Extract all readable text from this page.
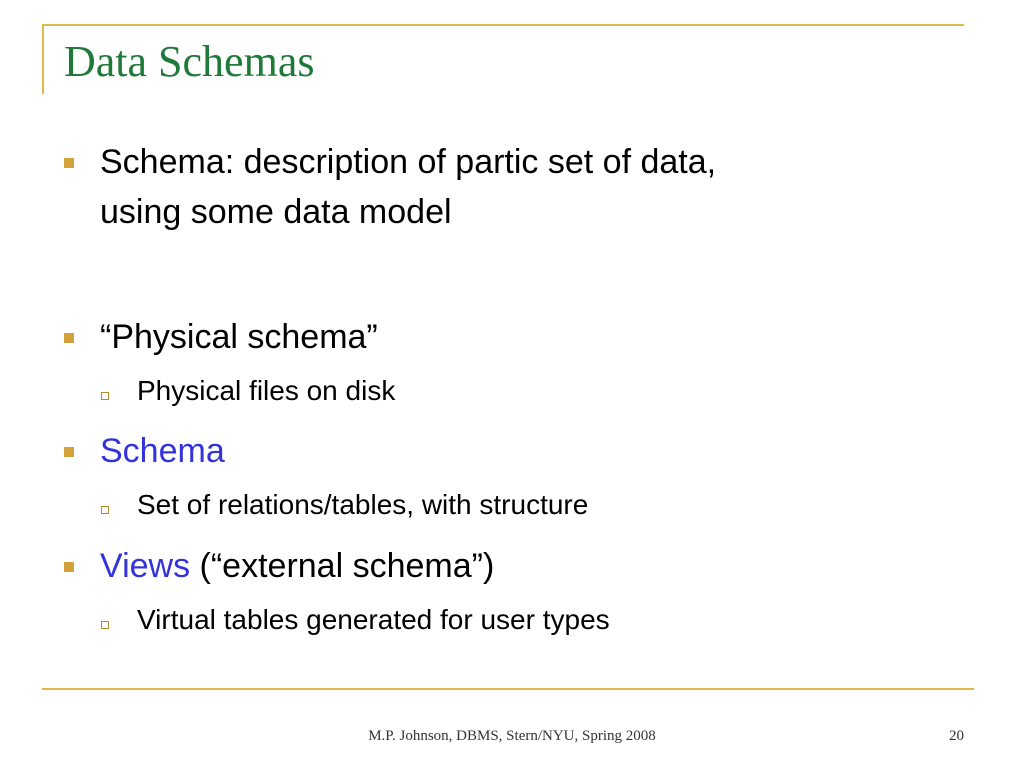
Data Schemas
Schema: description of partic set of data,
using some data model
“Physical schema”
Physical files on disk
Schema
Set of relations/tables, with structure
Views (“external schema”)
Virtual tables generated for user types
M.P. Johnson, DBMS, Stern/NYU, Spring 2008	20
